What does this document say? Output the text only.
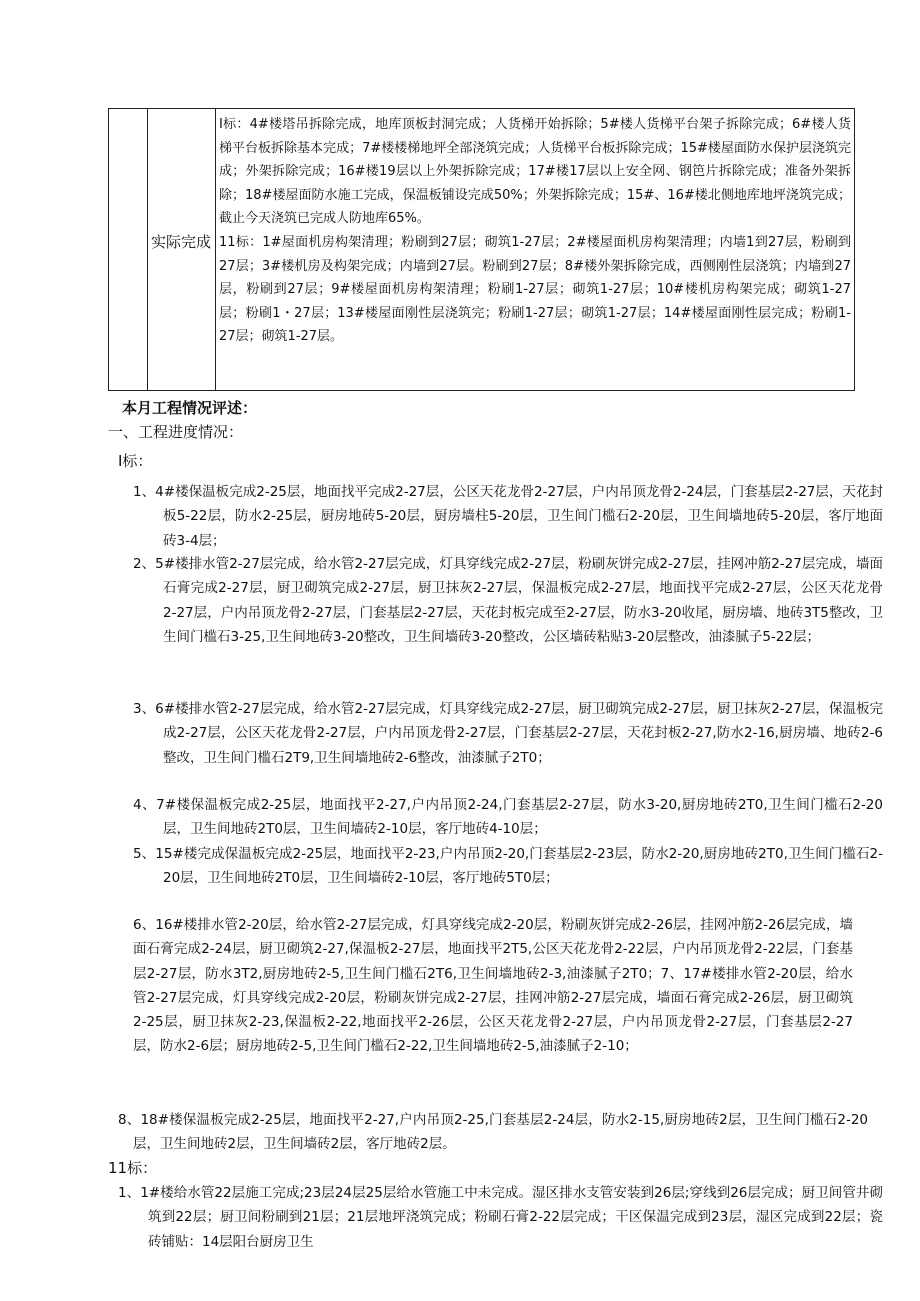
实际完成

I标：4#楼塔吊拆除完成，地库顶板封洞完成；人货梯开始拆除；5#楼人货梯平台架子拆除完成；6#楼人货梯平台板拆除基本完成；7#楼楼梯地坪全部浇筑完成；人货梯平台板拆除完成；15#楼屋面防水保护层浇筑完成；外架拆除完成；16#楼19层以上外架拆除完成；17#楼17层以上安全网、钢笆片拆除完成；准备外架拆除；18#楼屋面防水施工完成，保温板铺设完成50%；外架拆除完成；15#、16#楼北侧地库地坪浇筑完成；截止今天浇筑已完成人防地库65%。

11标：1#屋面机房构架清理；粉刷到27层；砌筑1-27层；2#楼屋面机房构架清理；内墙1到27层，粉刷到27层；3#楼机房及构架完成；内墙到27层。粉刷到27层；8#楼外架拆除完成，西侧刚性层浇筑；内墙到27层，粉刷到27层；9#楼屋面机房构架清理；粉刷1-27层；砌筑1-27层；10#楼机房构架完成；砌筑1-27层；粉刷1・27层；13#楼屋面刚性层浇筑完；粉刷1-27层；砌筑1-27层；14#楼屋面刚性层完成；粉刷1-27层；砌筑1-27层。

本月工程情况评述：
一、工程进度情况：
I标：
1、4#楼保温板完成2-25层，地面找平完成2-27层，公区天花龙骨2-27层，户内吊顶龙骨2-24层，门套基层2-27层，天花封板5-22层，防水2-25层，厨房地砖5-20层，厨房墙柱5-20层，卫生间门槛石2-20层，卫生间墙地砖5-20层，客厅地面砖3-4层；
2、5#楼排水管2-27层完成，给水管2-27层完成，灯具穿线完成2-27层，粉刷灰饼完成2-27层，挂网冲筋2-27层完成，墙面石膏完成2-27层，厨卫砌筑完成2-27层，厨卫抹灰2-27层，保温板完成2-27层，地面找平完成2-27层，公区天花龙骨2-27层，户内吊顶龙骨2-27层，门套基层2-27层，天花封板完成至2-27层，防水3-20收尾，厨房墙、地砖3T5整改，卫生间门槛石3-25,卫生间地砖3-20整改，卫生间墙砖3-20整改，公区墙砖粘贴3-20层整改，油漆腻子5-22层；
3、6#楼排水管2-27层完成，给水管2-27层完成，灯具穿线完成2-27层，厨卫砌筑完成2-27层，厨卫抹灰2-27层，保温板完成2-27层，公区天花龙骨2-27层，户内吊顶龙骨2-27层，门套基层2-27层，天花封板2-27,防水2-16,厨房墙、地砖2-6整改，卫生间门槛石2T9,卫生间墙地砖2-6整改，油漆腻子2T0；
4、7#楼保温板完成2-25层，地面找平2-27,户内吊顶2-24,门套基层2-27层，防水3-20,厨房地砖2T0,卫生间门槛石2-20层，卫生间地砖2T0层，卫生间墙砖2-10层，客厅地砖4-10层；
5、15#楼完成保温板完成2-25层，地面找平2-23,户内吊顶2-20,门套基层2-23层，防水2-20,厨房地砖2T0,卫生间门槛石2-20层，卫生间地砖2T0层，卫生间墙砖2-10层，客厅地砖5T0层；
6、16#楼排水管2-20层，给水管2-27层完成，灯具穿线完成2-20层，粉刷灰饼完成2-26层，挂网冲筋2-26层完成，墙面石膏完成2-24层，厨卫砌筑2-27,保温板2-27层，地面找平2T5,公区天花龙骨2-22层，户内吊顶龙骨2-22层，门套基层2-27层，防水3T2,厨房地砖2-5,卫生间门槛石2T6,卫生间墙地砖2-3,油漆腻子2T0；7、17#楼排水管2-20层，给水管2-27层完成，灯具穿线完成2-20层，粉刷灰饼完成2-27层，挂网冲筋2-27层完成，墙面石膏完成2-26层，厨卫砌筑2-25层，厨卫抹灰2-23,保温板2-22,地面找平2-26层，公区天花龙骨2-27层，户内吊顶龙骨2-27层，门套基层2-27层，防水2-6层；厨房地砖2-5,卫生间门槛石2-22,卫生间墙地砖2-5,油漆腻子2-10；
8、18#楼保温板完成2-25层，地面找平2-27,户内吊顶2-25,门套基层2-24层，防水2-15,厨房地砖2层，卫生间门槛石2-20层，卫生间地砖2层，卫生间墙砖2层，客厅地砖2层。
11标：
1、1#楼给水管22层施工完成;23层24层25层给水管施工中未完成。湿区排水支管安装到26层;穿线到26层完成；厨卫间管井砌筑到22层；厨卫间粉刷到21层；21层地坪浇筑完成；粉刷石膏2-22层完成；干区保温完成到23层，湿区完成到22层；瓷砖铺贴：14层阳台厨房卫生
